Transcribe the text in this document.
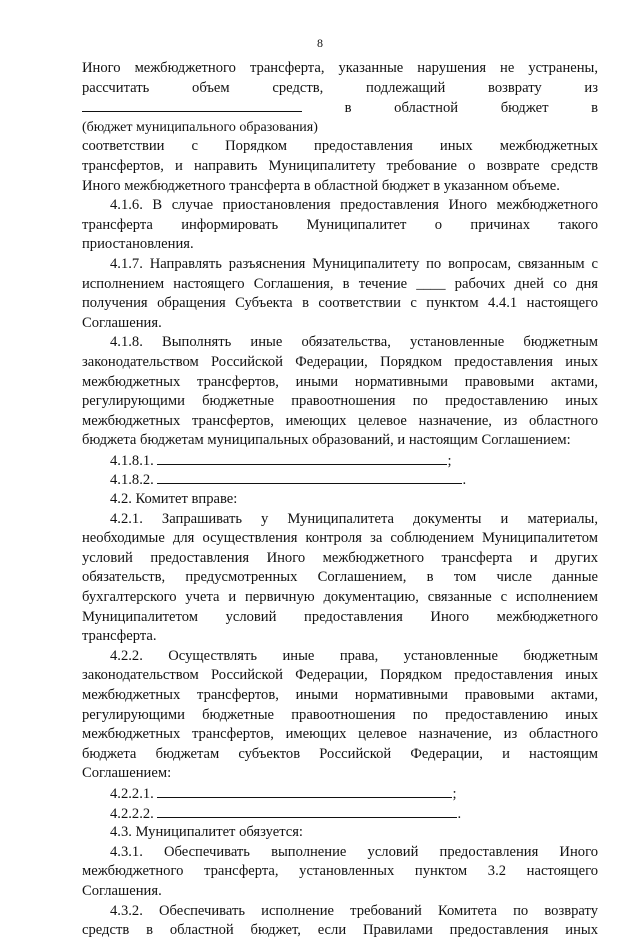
8
Иного межбюджетного трансферта, указанные нарушения не устранены,
рассчитать объем средств, подлежащий возврату из
в областной бюджет в
(бюджет муниципального образования)
соответствии с Порядком предоставления иных межбюджетных
трансфертов, и направить Муниципалитету требование о возврате средств
Иного межбюджетного трансферта в областной бюджет в указанном объеме.
4.1.6. В случае приостановления предоставления Иного межбюджетного
трансферта информировать Муниципалитет о причинах такого
приостановления.
4.1.7. Направлять разъяснения Муниципалитету по вопросам, связанным с
исполнением настоящего Соглашения, в течение ____ рабочих дней со дня
получения обращения Субъекта в соответствии с пунктом 4.4.1 настоящего
Соглашения.
4.1.8. Выполнять иные обязательства, установленные бюджетным
законодательством Российской Федерации, Порядком предоставления иных
межбюджетных трансфертов, иными нормативными правовыми актами,
регулирующими бюджетные правоотношения по предоставлению иных
межбюджетных трансфертов, имеющих целевое назначение, из областного
бюджета бюджетам муниципальных образований, и настоящим Соглашением:
4.1.8.1.	;
4.1.8.2.	.
4.2. Комитет вправе:
4.2.1. Запрашивать у Муниципалитета документы и материалы,
необходимые для осуществления контроля за соблюдением Муниципалитетом
условий предоставления Иного межбюджетного трансферта и других
обязательств, предусмотренных Соглашением, в том числе данные
бухгалтерского учета и первичную документацию, связанные с исполнением
Муниципалитетом условий предоставления Иного межбюджетного
трансферта.
4.2.2. Осуществлять иные права, установленные бюджетным
законодательством Российской Федерации, Порядком предоставления иных
межбюджетных трансфертов, иными нормативными правовыми актами,
регулирующими бюджетные правоотношения по предоставлению иных
межбюджетных трансфертов, имеющих целевое назначение, из областного
бюджета бюджетам субъектов Российской Федерации, и настоящим
Соглашением:
4.2.2.1.	;
4.2.2.2.	.
4.3. Муниципалитет обязуется:
4.3.1. Обеспечивать выполнение условий предоставления Иного
межбюджетного трансферта, установленных пунктом 3.2 настоящего
Соглашения.
4.3.2. Обеспечивать исполнение требований Комитета по возврату
средств в областной бюджет, если Правилами предоставления иных
